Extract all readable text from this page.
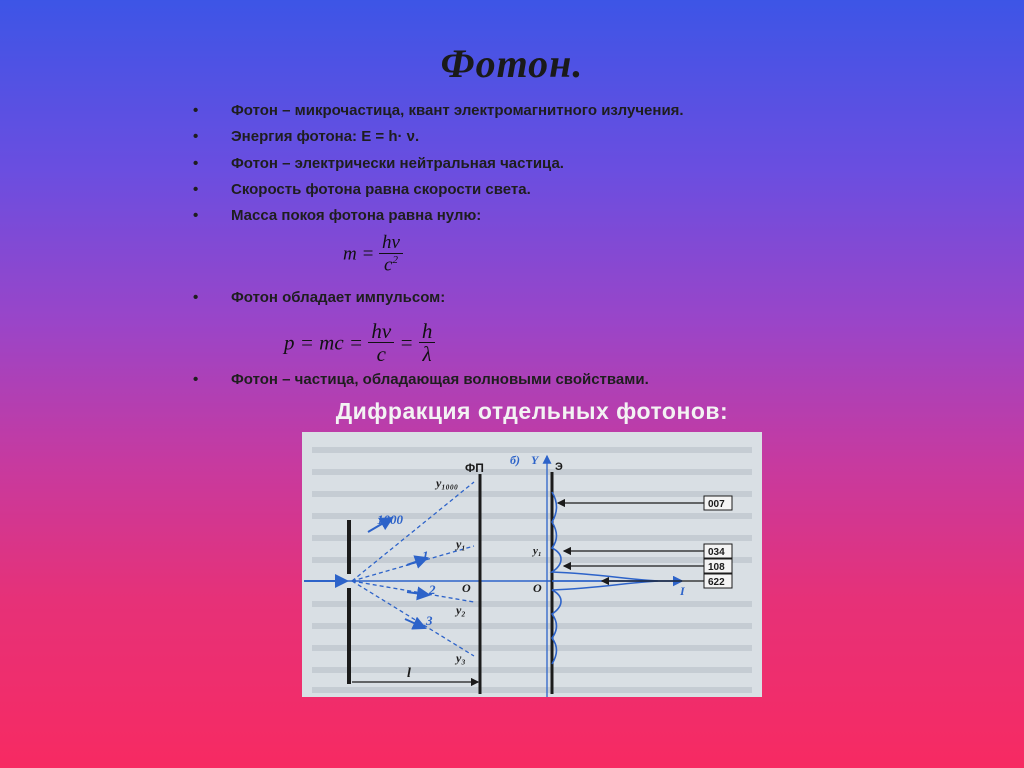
Фотон.
• Фотон – микрочастица, квант электромагнитного излучения.
• Энергия фотона: Е = h· ν.
• Фотон – электрически нейтральная частица.
• Скорость фотона равна скорости света.
• Масса покоя фотона равна нулю:
$m = \frac{h\nu}{c^2}$
• Фотон обладает импульсом:
p = mc = $\frac{h\nu}{c} = \frac{h}{\lambda}$
• Фотон – частица, обладающая волновыми свойствами.
Дифракция отдельных фотонов:
ФП
1000
1
2
3
y₁₀₀₀
y₁
O
y₂
y₃
l
б) Y Э
I
y₁
O
007
034
108
622
